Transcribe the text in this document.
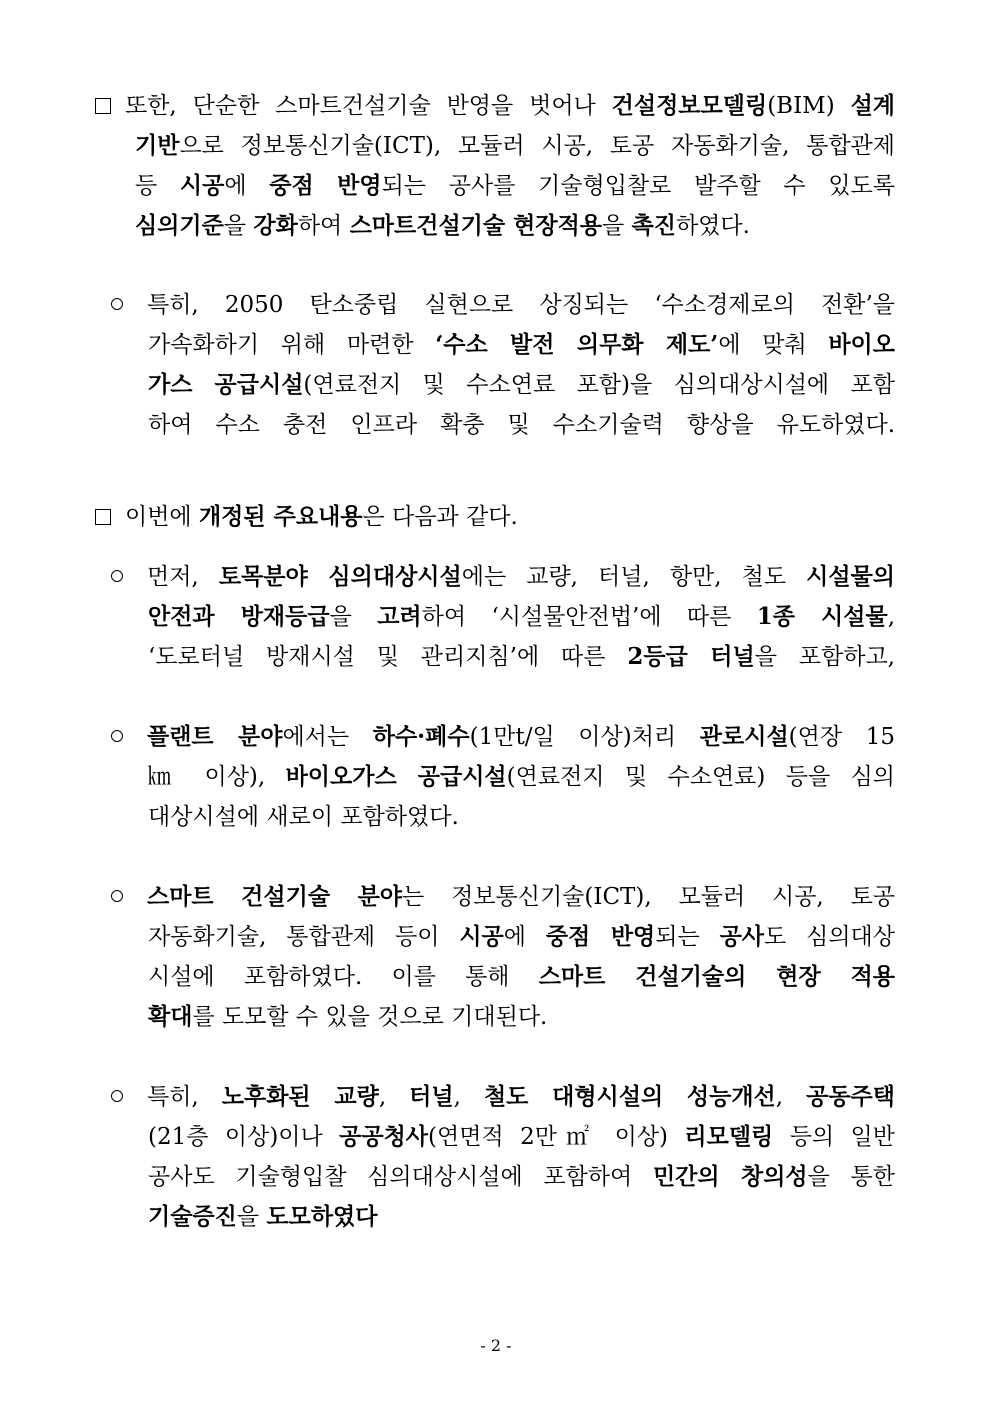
또한, 단순한 스마트건설기술 반영을 벗어나 건설정보모델링(BIM) 설계
기반으로 정보통신기술(ICT), 모듈러 시공, 토공 자동화기술, 통합관제
등 시공에 중점 반영되는 공사를 기술형입찰로 발주할 수 있도록
심의기준을 강화하여 스마트건설기술 현장적용을 촉진하였다.
특히, 2050 탄소중립 실현으로 상징되는 ‘수소경제로의 전환’을
가속화하기 위해 마련한 ‘수소 발전 의무화 제도’에 맞춰 바이오
가스 공급시설(연료전지 및 수소연료 포함)을 심의대상시설에 포함
하여 수소 충전 인프라 확충 및 수소기술력 향상을 유도하였다.
이번에 개정된 주요내용은 다음과 같다.
먼저, 토목분야 심의대상시설에는 교량, 터널, 항만, 철도 시설물의
안전과 방재등급을 고려하여 ‘시설물안전법’에 따른 1종 시설물,
‘도로터널 방재시설 및 관리지침’에 따른 2등급 터널을 포함하고,
플랜트 분야에서는 하수·폐수(1만t/일 이상)처리 관로시설(연장 15
㎞ 이상), 바이오가스 공급시설(연료전지 및 수소연료) 등을 심의
대상시설에 새로이 포함하였다.
스마트 건설기술 분야는 정보통신기술(ICT), 모듈러 시공, 토공
자동화기술, 통합관제 등이 시공에 중점 반영되는 공사도 심의대상
시설에 포함하였다. 이를 통해 스마트 건설기술의 현장 적용
확대를 도모할 수 있을 것으로 기대된다.
특히, 노후화된 교량, 터널, 철도 대형시설의 성능개선, 공동주택
(21층 이상)이나 공공청사(연면적 2만㎡ 이상) 리모델링 등의 일반
공사도 기술형입찰 심의대상시설에 포함하여 민간의 창의성을 통한
기술증진을 도모하였다
- 2 -
